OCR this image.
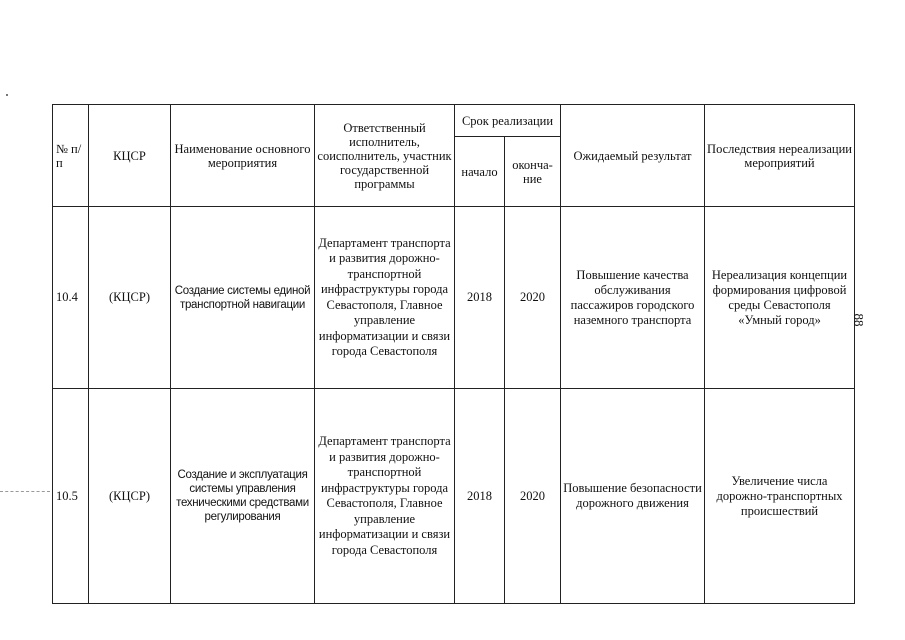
№ п/п	КЦСР	Наименование основного мероприятия	Ответственный исполнитель, соисполнитель, участник государственной программы	Срок реализации		Ожидаемый результат	Последствия нереализации мероприятий
				начало	оконча-ние		
10.4	(КЦСР)	Создание системы единой транспортной навигации	Департамент транспорта и развития дорожно-транспортной инфраструктуры города Севастополя, Главное управление информатизации и связи города Севастополя	2018	2020	Повышение качества обслуживания пассажиров городского наземного транспорта	Нереализация концепции формирования цифровой среды Севастополя «Умный город»
10.5	(КЦСР)	Создание и эксплуатация системы управления техническими средствами регулирования	Департамент транспорта и развития дорожно-транспортной инфраструктуры города Севастополя, Главное управление информатизации и связи города Севастополя	2018	2020	Повышение безопасности дорожного движения	Увеличение числа дорожно-транспортных происшествий
88
